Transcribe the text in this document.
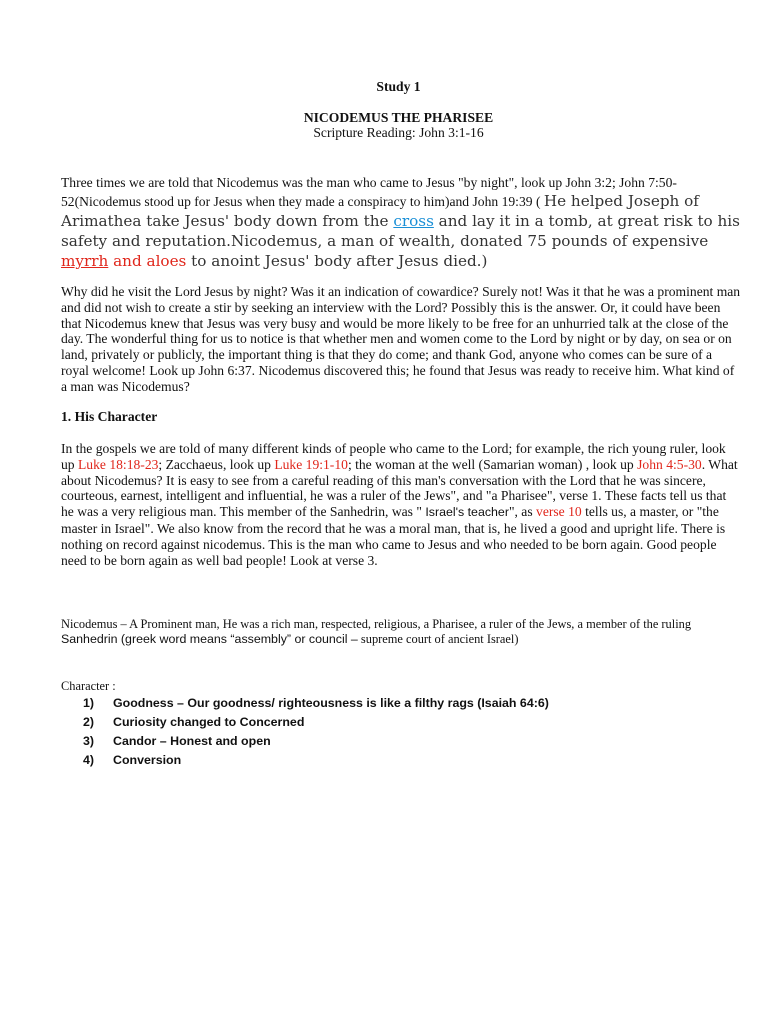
Study 1
NICODEMUS THE PHARISEE
Scripture Reading: John 3:1-16

Three times we are told that Nicodemus was the man who came to Jesus "by night", look up John 3:2; John 7:50-52(Nicodemus stood up for Jesus when they made a conspiracy to him)and John 19:39 ( He helped Joseph of Arimathea take Jesus' body down from the cross and lay it in a tomb, at great risk to his safety and reputation.Nicodemus, a man of wealth, donated 75 pounds of expensive myrrh and aloes to anoint Jesus' body after Jesus died.)

Why did he visit the Lord Jesus by night? Was it an indication of cowardice? Surely not! Was it that he was a prominent man and did not wish to create a stir by seeking an interview with the Lord? Possibly this is the answer. Or, it could have been that Nicodemus knew that Jesus was very busy and would be more likely to be free for an unhurried talk at the close of the day. The wonderful thing for us to notice is that whether men and women come to the Lord by night or by day, on sea or on land, privately or publicly, the important thing is that they do come; and thank God, anyone who comes can be sure of a royal welcome! Look up John 6:37. Nicodemus discovered this; he found that Jesus was ready to receive him. What kind of a man was Nicodemus?

1. His Character

In the gospels we are told of many different kinds of people who came to the Lord; for example, the rich young ruler, look up Luke 18:18-23; Zacchaeus, look up Luke 19:1-10; the woman at the well (Samarian woman) , look up John 4:5-30. What about Nicodemus? It is easy to see from a careful reading of this man's conversation with the Lord that he was sincere, courteous, earnest, intelligent and influential, he was a ruler of the Jews", and "a Pharisee", verse 1. These facts tell us that he was a very religious man. This member of the Sanhedrin, was " Israel's teacher", as verse 10 tells us, a master, or "the master in Israel". We also know from the record that he was a moral man, that is, he lived a good and upright life. There is nothing on record against nicodemus. This is the man who came to Jesus and who needed to be born again. Good people need to be born again as well bad people! Look at verse 3.

Nicodemus – A Prominent man, He was a rich man, respected, religious, a Pharisee, a ruler of the Jews, a member of the ruling Sanhedrin (greek word means “assembly” or council – supreme court of ancient Israel)

Character :
1)	Goodness – Our goodness/ righteousness is like a filthy rags (Isaiah 64:6)
2)	Curiosity changed to Concerned
3)	Candor – Honest and open
4)	Conversion
